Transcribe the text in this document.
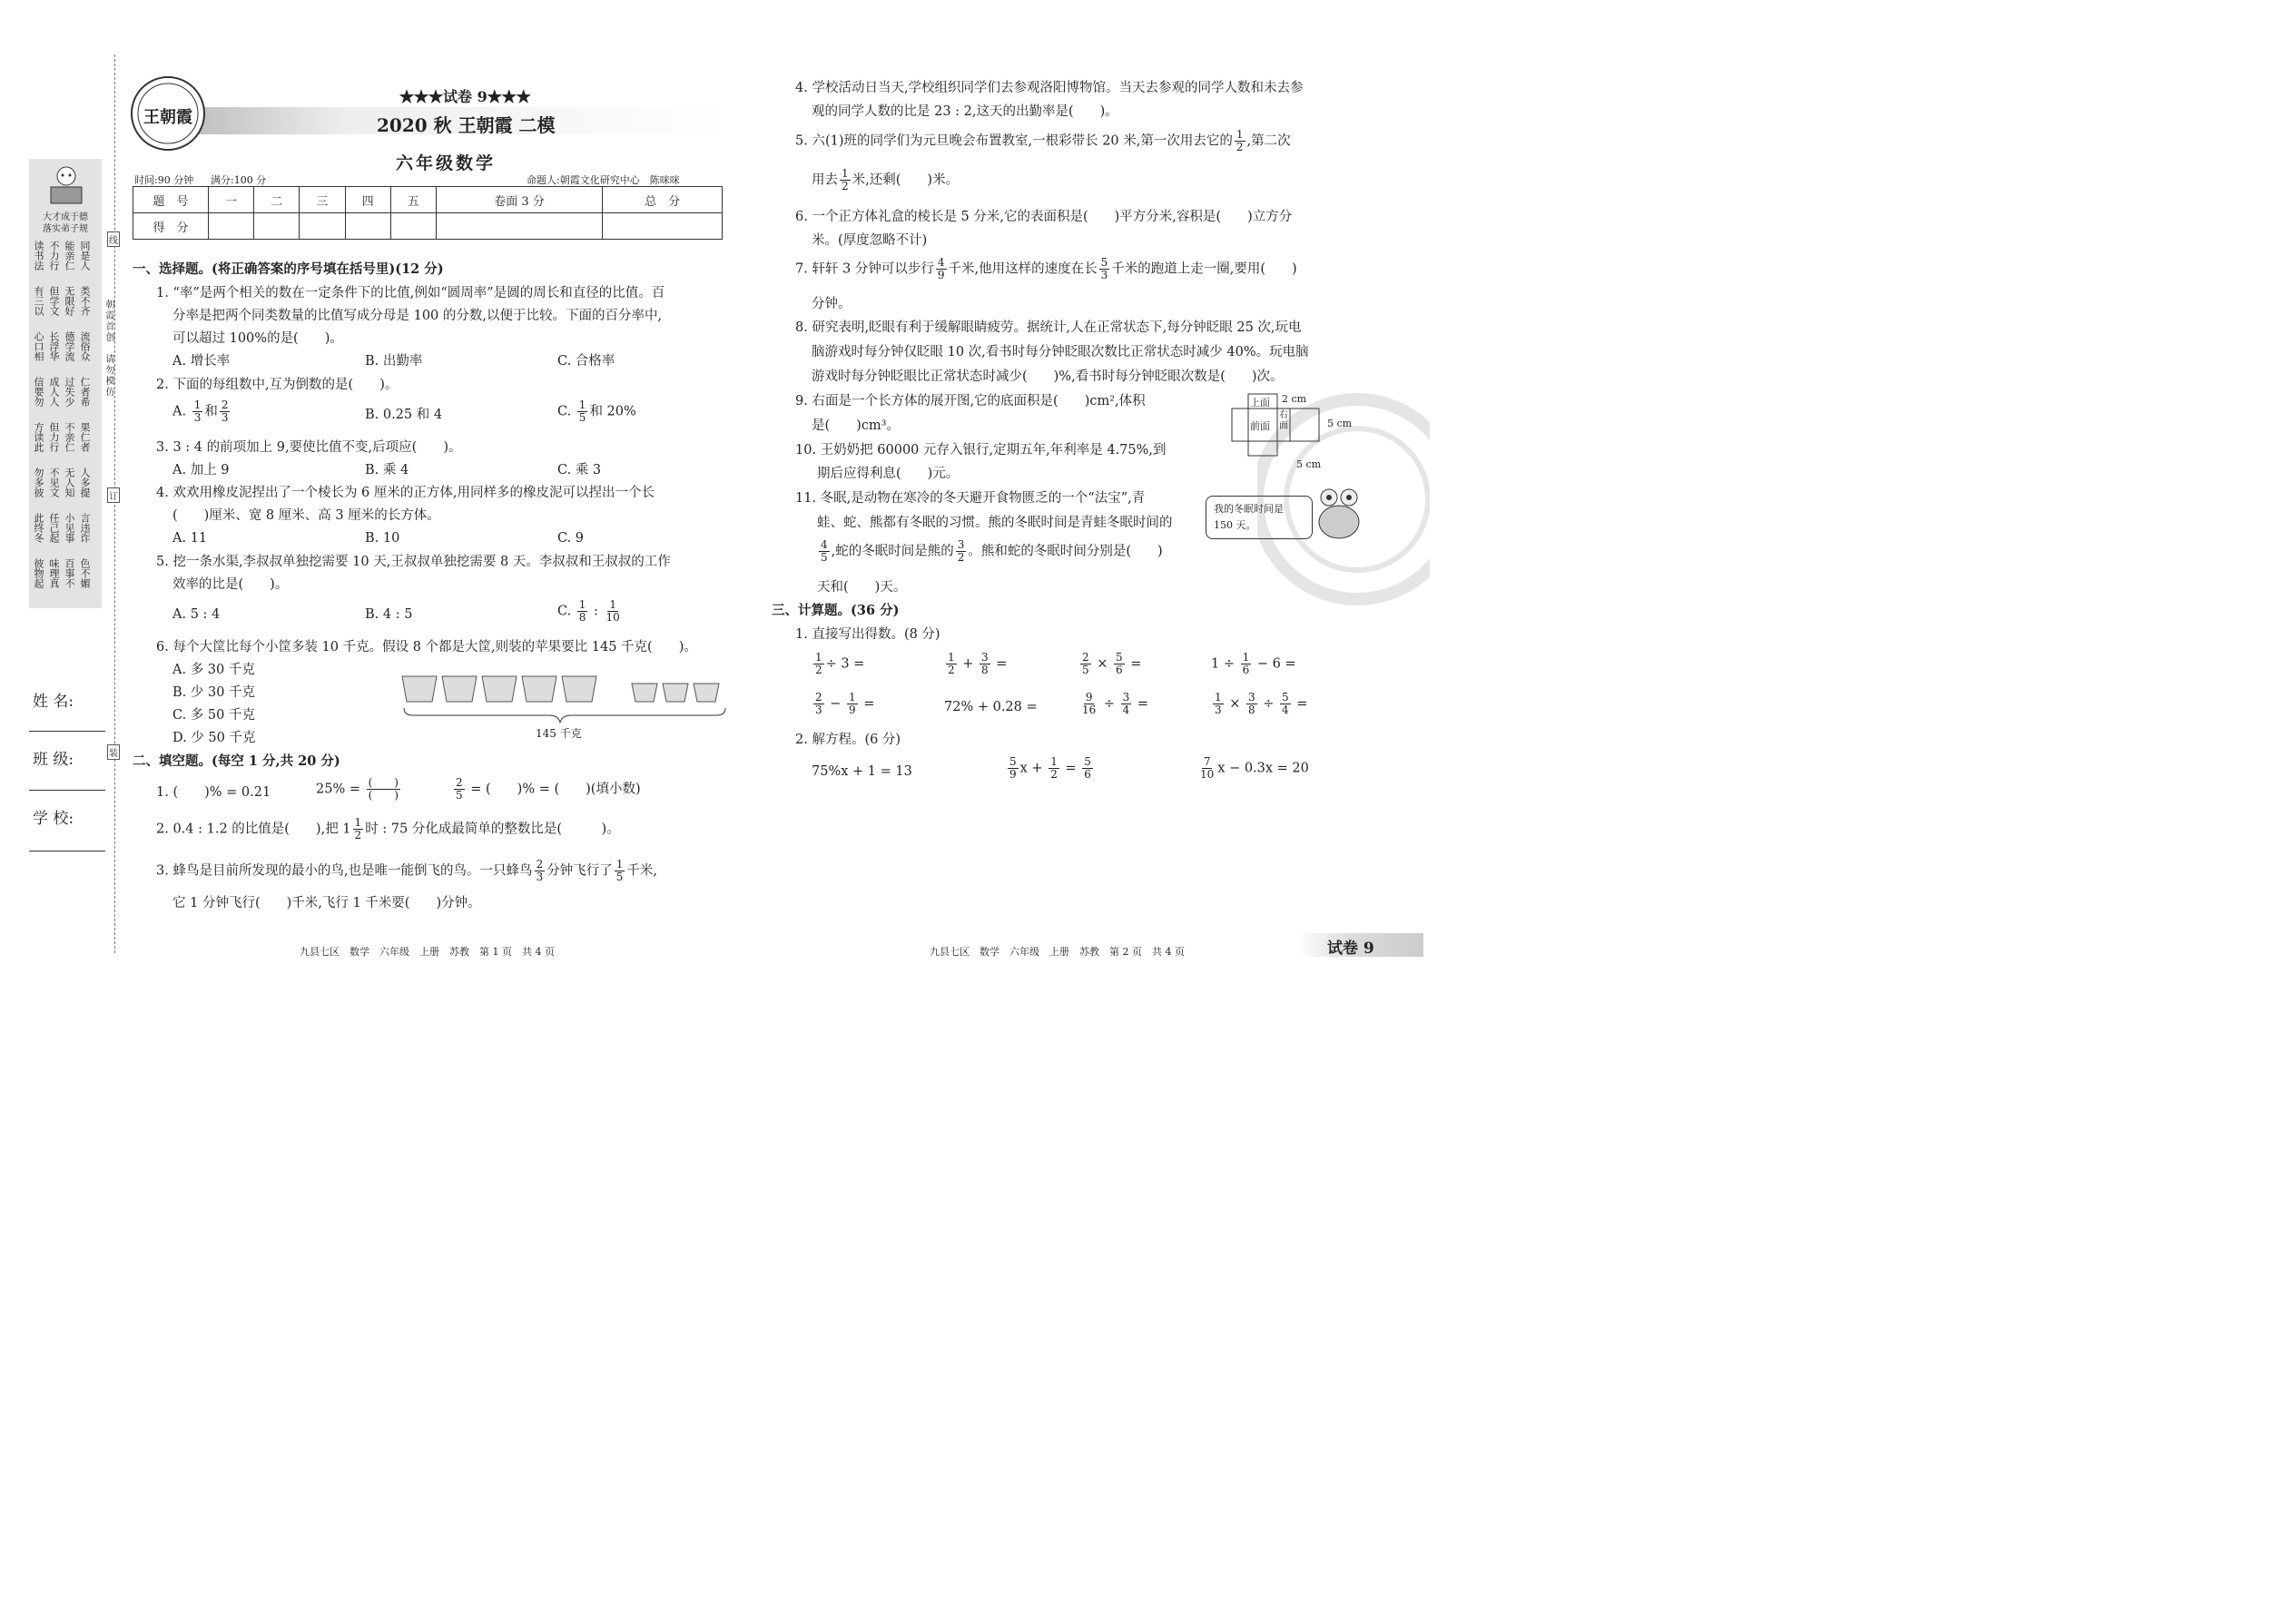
大才成于德
落实弟子规
读书法 不力行 能亲仁 同是人
有三以 但学文 无限好 类不齐
心口相 长浮华 德学流 流俗众
信要勿 成人人 过失少 仁者希
方读此 但力行 不亲仁 果仁者
勿多彼 不见文 无人知 人多提
此终冬 任己起 小见事 言违诈
彼物起 味理真 百事不 色不媚
朝霞首创　请勿模仿
线
订
装
姓 名:
班 级:
学 校:
王朝霞
★★★试卷 9★★★
2020 秋 王朝霞 二模
六年级数学
时间:90 分钟 满分:100 分	命题人:朝霞文化研究中心　陈咪咪
题　号	一	二	三	四	五	卷面 3 分	总　分
得　分							
一、选择题。(将正确答案的序号填在括号里)(12 分)
1. “率”是两个相关的数在一定条件下的比值,例如“圆周率”是圆的周长和直径的比值。百
分率是把两个同类数量的比值写成分母是 100 的分数,以便于比较。下面的百分率中,
可以超过 100%的是(　　)。
A. 增长率	B. 出勤率	C. 合格率
2. 下面的每组数中,互为倒数的是(　　)。
A. $\frac{1}{3}$ 和 $\frac{2}{3}$	B. 0.25 和 4	C. $\frac{1}{5}$ 和 20%
3. 3 : 4 的前项加上 9,要使比值不变,后项应(　　)。
A. 加上 9	B. 乘 4	C. 乘 3
4. 欢欢用橡皮泥捏出了一个棱长为 6 厘米的正方体,用同样多的橡皮泥可以捏出一个长
(　　)厘米、宽 8 厘米、高 3 厘米的长方体。
A. 11	B. 10	C. 9
5. 挖一条水渠,李叔叔单独挖需要 10 天,王叔叔单独挖需要 8 天。李叔叔和王叔叔的工作
效率的比是(　　)。
A. 5 : 4	B. 4 : 5	C. $\frac{1}{8}$ : $\frac{1}{10}$
6. 每个大筐比每个小筐多装 10 千克。假设 8 个都是大筐,则装的苹果要比 145 千克(　　)。
A. 多 30 千克
B. 少 30 千克
C. 多 50 千克
D. 少 50 千克	145 千克
二、填空题。(每空 1 分,共 20 分)
1. (　　)% = 0.21	$25\% = \frac{( )}{( )}$	$\frac{2}{5}$ = (　　)% = (　　)(填小数)
2. 0.4 : 1.2 的比值是(　　),把 $1 \frac{1}{2}$ 时 : 75 分化成最简单的整数比是(　　　)。
3. 蜂鸟是目前所发现的最小的鸟,也是唯一能倒飞的鸟。一只蜂鸟 $\frac{2}{3}$ 分钟飞行了 $\frac{1}{5}$ 千米,
它 1 分钟飞行(　　)千米,飞行 1 千米要(　　)分钟。
九县七区　数学　六年级　上册　苏教　第 1 页　共 4 页
4. 学校活动日当天,学校组织同学们去参观洛阳博物馆。当天去参观的同学人数和未去参
观的同学人数的比是 23 : 2,这天的出勤率是(　　)。
5. 六(1)班的同学们为元旦晚会布置教室,一根彩带长 20 米,第一次用去它的 $\frac{1}{2}$ ,第二次
用去 $\frac{1}{2}$ 米,还剩(　　)米。
6. 一个正方体礼盒的棱长是 5 分米,它的表面积是(　　)平方分米,容积是(　　)立方分
米。(厚度忽略不计)
7. 轩轩 3 分钟可以步行 $\frac{4}{9}$ 千米,他用这样的速度在长 $\frac{5}{3}$ 千米的跑道上走一圈,要用(　　)
分钟。
8. 研究表明,眨眼有利于缓解眼睛疲劳。据统计,人在正常状态下,每分钟眨眼 25 次,玩电
脑游戏时每分钟仅眨眼 10 次,看书时每分钟眨眼次数比正常状态时减少 40%。玩电脑
游戏时每分钟眨眼比正常状态时减少(　　)%,看书时每分钟眨眼次数是(　　)次。
9. 右面是一个长方体的展开图,它的底面积是(　　)cm²,体积
是(　　)cm³。
10. 王奶奶把 60000 元存入银行,定期五年,年利率是 4.75%,到
期后应得利息(　　)元。
上面
前面
右面
2 cm
5 cm
5 cm
11. 冬眠,是动物在寒冷的冬天避开食物匮乏的一个“法宝”,青
蛙、蛇、熊都有冬眠的习惯。熊的冬眠时间是青蛙冬眠时间的
$\frac{4}{5}$ ,蛇的冬眠时间是熊的 $\frac{3}{2}$ 。熊和蛇的冬眠时间分别是(　　)
天和(　　)天。
我的冬眠时间是 150 天。
三、计算题。(36 分)
1. 直接写出得数。(8 分)
$\frac{1}{2} \div 3$ =	$\frac{1}{2} + \frac{3}{8}$ =	$\frac{2}{5} \times \frac{5}{6}$ =	$1 \div \frac{1}{6} - 6$ =
$\frac{2}{3} - \frac{1}{9}$ =	72% + 0.28 =	$\frac{9}{16} \div \frac{3}{4}$ =	$\frac{1}{3} \times \frac{3}{8} \div \frac{5}{4}$ =
2. 解方程。(6 分)
75%x + 1 = 13	$\frac{5}{9}$ $x + \frac{1}{2} = \frac{5}{6}$	$\frac{7}{10}$ x − 0.3x = 20
九县七区　数学　六年级　上册　苏教　第 2 页　共 4 页	试卷 9
